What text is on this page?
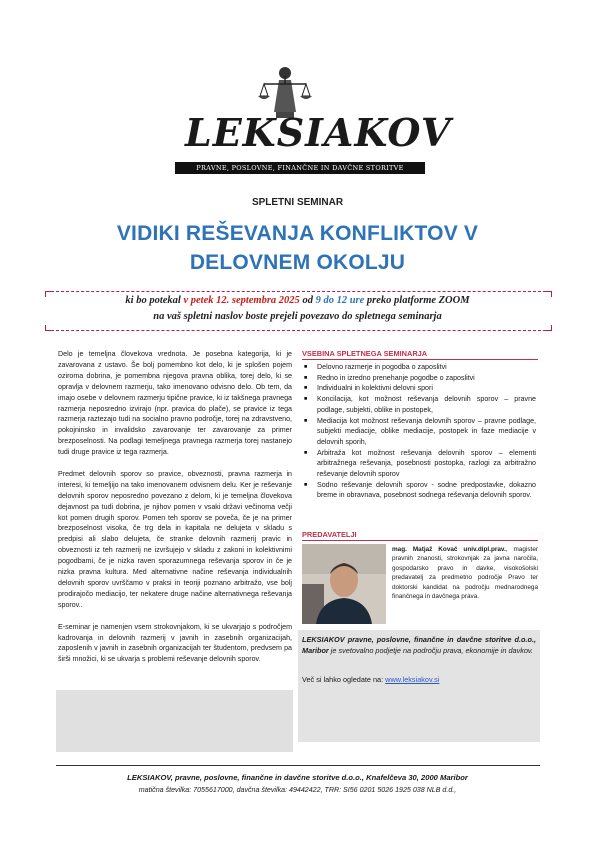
LEKSIAKOV
PRAVNE, POSLOVNE, FINANČNE IN DAVČNE STORITVE
SPLETNI SEMINAR
VIDIKI REŠEVANJA KONFLIKTOV V
DELOVNEM OKOLJU
ki bo potekal v petek 12. septembra 2025 od 9 do 12 ure preko platforme ZOOM
na vaš spletni naslov boste prejeli povezavo do spletnega seminarja

Delo je temeljna človekova vrednota. Je posebna kategorija, ki je zavarovana z ustavo. Še bolj pomembno kot delo, ki je splošen pojem oziroma dobrina, je pomembna njegova pravna oblika, torej delo, ki se opravlja v delovnem razmerju, tako imenovano odvisno delo. Ob tem, da imajo osebe v delovnem razmerju tipične pravice, ki iz takšnega pravnega razmerja neposredno izvirajo (npr. pravica do plače), se pravice iz tega razmerja raztezajo tudi na socialno pravno področje, torej na zdravstveno, pokojninsko in invalidsko zavarovanje ter zavarovanje za primer brezposelnosti. Na podlagi temeljnega pravnega razmerja torej nastanejo tudi druge pravice iz tega razmerja.

Predmet delovnih sporov so pravice, obveznosti, pravna razmerja in interesi, ki temeljijo na tako imenovanem odvisnem delu. Ker je reševanje delovnih sporov neposredno povezano z delom, ki je temeljna človekova dejavnost pa tudi dobrina, je njihov pomen v vsaki državi večinoma večji kot pomen drugih sporov. Pomen teh sporov se poveča, če je na primer brezposelnost visoka, če trg dela in kapitala ne delujeta v skladu s predpisi ali slabo delujeta, če stranke delovnih razmerij pravic in obveznosti iz teh razmerij ne izvršujejo v skladu z zakoni in kolektivnimi pogodbami, če je nizka raven sporazumnega reševanja sporov in če je nizka pravna kultura. Med alternativne načine reševanja individualnih delovnih sporov uvrščamo v praksi in teoriji poznano arbitražo, vse bolj prodirajočo mediacijo, ter nekatere druge načine alternativnega reševanja sporov..

E-seminar je namenjen vsem strokovnjakom, ki se ukvarjajo s področjem kadrovanja in delovnih razmerij v javnih in zasebnih organizacijah, zaposlenih v javnih in zasebnih organizacijah ter študentom, predvsem pa širši množici, ki se ukvarja s problemi reševanje delovnih sporov.

VSEBINA SPLETNEGA SEMINARJA
■ Delovno razmerje in pogodba o zaposlitvi
■ Redno in izredno prenehanje pogodbe o zaposlitvi
■ Individualni in kolektivni delovni spori
■ Koncilacija, kot možnost reševanja delovnih sporov – pravne podlage, subjekti, oblike in postopek,
■ Mediacija kot možnost reševanja delovnih sporov – pravne podlage, subjekti mediacije, oblike mediacije, postopek in faze mediacije v delovnih sporih,
■ Arbitraža kot možnost reševanja delovnih sporov – elementi arbitražnega reševanja, posebnosti postopka, razlogi za arbitražno reševanje delovnih sporov
■ Sodno reševanje delovnih sporov - sodne predpostavke, dokazno breme in obravnava, posebnost sodnega reševanja delovnih sporov.
PREDAVATELJI
mag. Matjaž Kovač univ.dipl.prav., magister pravnih znanosti, strokovnjak za javna naročila, gospodarsko pravo in davke, visokošolski predavatelj za predmetno področje Pravo ter doktorski kandidat na področju mednarodnega finančnega in davčnega prava.
LEKSIAKOV pravne, poslovne, finančne in davčne storitve d.o.o., Maribor je svetovalno podjetje na področju prava, ekonomije in davkov.
Več si lahko ogledate na: www.leksiakov.si
LEKSIAKOV, pravne, poslovne, finančne in davčne storitve d.o.o., Knafelčeva 30, 2000 Maribor
matična številka: 7055617000, davčna številka: 49442422, TRR: SI56 0201 5026 1925 038 NLB d.d.,
